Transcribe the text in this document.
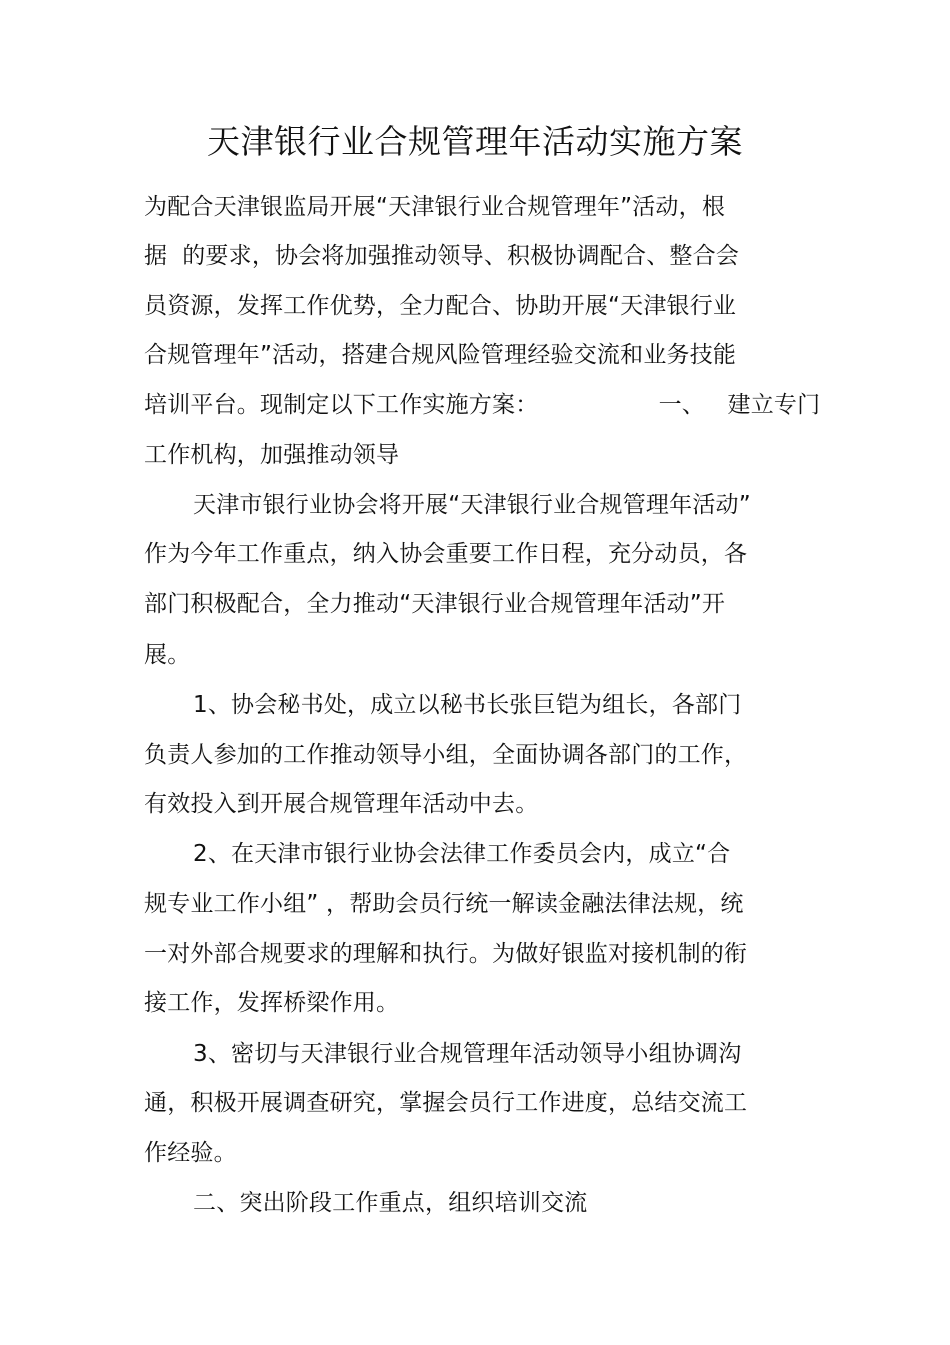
天津银行业合规管理年活动实施方案
为配合天津银监局开展“天津银行业合规管理年”活动，根
据  的要求，协会将加强推动领导、积极协调配合、整合会
员资源，发挥工作优势，全力配合、协助开展“天津银行业
合规管理年”活动，搭建合规风险管理经验交流和业务技能
培训平台。现制定以下工作实施方案：                一、   建立专门
工作机构，加强推动领导
天津市银行业协会将开展“天津银行业合规管理年活动”
作为今年工作重点，纳入协会重要工作日程，充分动员，各
部门积极配合，全力推动“天津银行业合规管理年活动”开
展。
1、协会秘书处，成立以秘书长张巨铠为组长，各部门
负责人参加的工作推动领导小组，全面协调各部门的工作，
有效投入到开展合规管理年活动中去。
2、在天津市银行业协会法律工作委员会内，成立“合
规专业工作小组” ，帮助会员行统一解读金融法律法规，统
一对外部合规要求的理解和执行。为做好银监对接机制的衔
接工作，发挥桥梁作用。
3、密切与天津银行业合规管理年活动领导小组协调沟
通，积极开展调查研究，掌握会员行工作进度，总结交流工
作经验。
二、突出阶段工作重点，组织培训交流
